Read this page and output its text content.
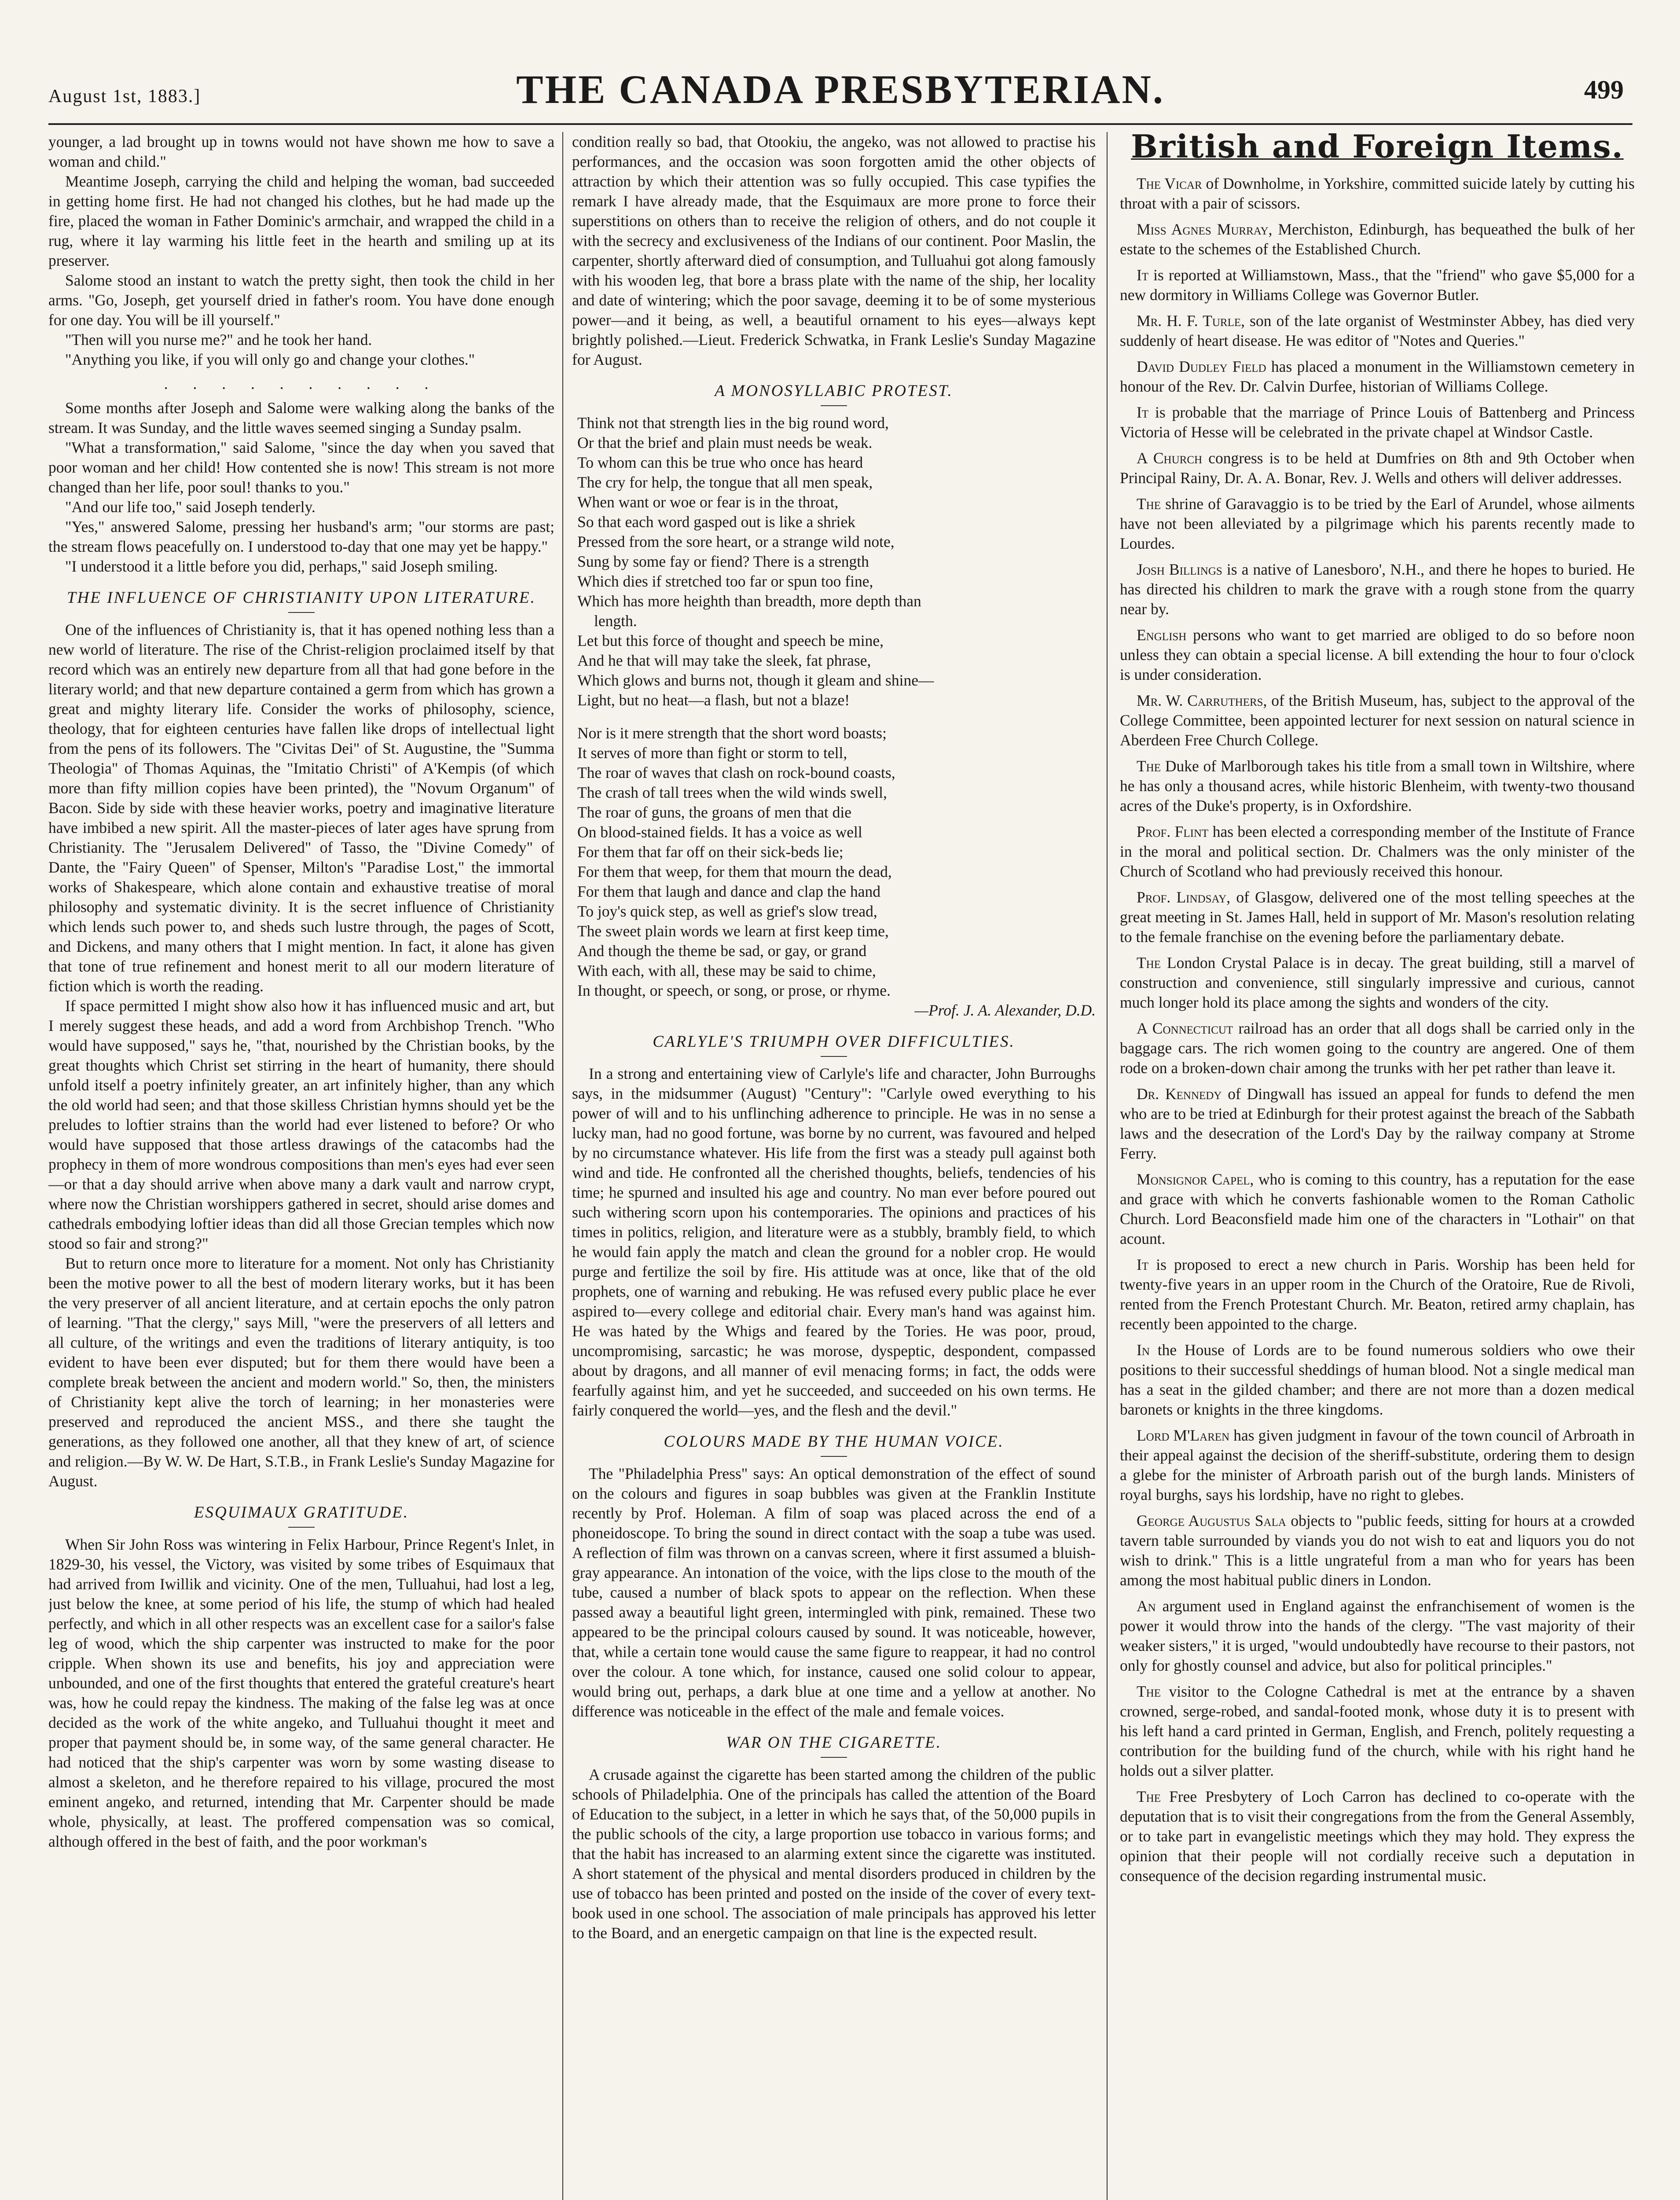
August 1st, 1883.]	THE CANADA PRESBYTERIAN.	499

younger, a lad brought up in towns would not have shown me how to save a woman and child."

Meantime Joseph, carrying the child and helping the woman, bad succeeded in getting home first. He had not changed his clothes, but he had made up the fire, placed the woman in Father Dominic's armchair, and wrapped the child in a rug, where it lay warming his little feet in the hearth and smiling up at its preserver.

Salome stood an instant to watch the pretty sight, then took the child in her arms. "Go, Joseph, get yourself dried in father's room. You have done enough for one day. You will be ill yourself."

"Then will you nurse me?" and he took her hand.

"Anything you like, if you will only go and change your clothes."

. . . . . . . . . .

Some months after Joseph and Salome were walking along the banks of the stream. It was Sunday, and the little waves seemed singing a Sunday psalm.

"What a transformation," said Salome, "since the day when you saved that poor woman and her child! How contented she is now! This stream is not more changed than her life, poor soul! thanks to you."

"And our life too," said Joseph tenderly.

"Yes," answered Salome, pressing her husband's arm; "our storms are past; the stream flows peacefully on. I understood to-day that one may yet be happy."

"I understood it a little before you did, perhaps," said Joseph smiling.

THE INFLUENCE OF CHRISTIANITY UPON LITERATURE.

One of the influences of Christianity is, that it has opened nothing less than a new world of literature. The rise of the Christ-religion proclaimed itself by that record which was an entirely new departure from all that had gone before in the literary world; and that new departure contained a germ from which has grown a great and mighty literary life. Consider the works of philosophy, science, theology, that for eighteen centuries have fallen like drops of intellectual light from the pens of its followers. The "Civitas Dei" of St. Augustine, the "Summa Theologia" of Thomas Aquinas, the "Imitatio Christi" of A'Kempis (of which more than fifty million copies have been printed), the "Novum Organum" of Bacon. Side by side with these heavier works, poetry and imaginative literature have imbibed a new spirit. All the master-pieces of later ages have sprung from Christianity. The "Jerusalem Delivered" of Tasso, the "Divine Comedy" of Dante, the "Fairy Queen" of Spenser, Milton's "Paradise Lost," the immortal works of Shakespeare, which alone contain and exhaustive treatise of moral philosophy and systematic divinity. It is the secret influence of Christianity which lends such power to, and sheds such lustre through, the pages of Scott, and Dickens, and many others that I might mention. In fact, it alone has given that tone of true refinement and honest merit to all our modern literature of fiction which is worth the reading.

If space permitted I might show also how it has influenced music and art, but I merely suggest these heads, and add a word from Archbishop Trench. "Who would have supposed," says he, "that, nourished by the Christian books, by the great thoughts which Christ set stirring in the heart of humanity, there should unfold itself a poetry infinitely greater, an art infinitely higher, than any which the old world had seen; and that those skilless Christian hymns should yet be the preludes to loftier strains than the world had ever listened to before? Or who would have supposed that those artless drawings of the catacombs had the prophecy in them of more wondrous compositions than men's eyes had ever seen—or that a day should arrive when above many a dark vault and narrow crypt, where now the Christian worshippers gathered in secret, should arise domes and cathedrals embodying loftier ideas than did all those Grecian temples which now stood so fair and strong?"

But to return once more to literature for a moment. Not only has Christianity been the motive power to all the best of modern literary works, but it has been the very preserver of all ancient literature, and at certain epochs the only patron of learning. "That the clergy," says Mill, "were the preservers of all letters and all culture, of the writings and even the traditions of literary antiquity, is too evident to have been ever disputed; but for them there would have been a complete break between the ancient and modern world." So, then, the ministers of Christianity kept alive the torch of learning; in her monasteries were preserved and reproduced the ancient MSS., and there she taught the generations, as they followed one another, all that they knew of art, of science and religion.—By W. W. De Hart, S.T.B., in Frank Leslie's Sunday Magazine for August.

ESQUIMAUX GRATITUDE.

When Sir John Ross was wintering in Felix Harbour, Prince Regent's Inlet, in 1829-30, his vessel, the Victory, was visited by some tribes of Esquimaux that had arrived from Iwillik and vicinity. One of the men, Tulluahui, had lost a leg, just below the knee, at some period of his life, the stump of which had healed perfectly, and which in all other respects was an excellent case for a sailor's false leg of wood, which the ship carpenter was instructed to make for the poor cripple. When shown its use and benefits, his joy and appreciation were unbounded, and one of the first thoughts that entered the grateful creature's heart was, how he could repay the kindness. The making of the false leg was at once decided as the work of the white angeko, and Tulluahui thought it meet and proper that payment should be, in some way, of the same general character. He had noticed that the ship's carpenter was worn by some wasting disease to almost a skeleton, and he therefore repaired to his village, procured the most eminent angeko, and returned, intending that Mr. Carpenter should be made whole, physically, at least. The proffered compensation was so comical, although offered in the best of faith, and the poor workman's

condition really so bad, that Otookiu, the angeko, was not allowed to practise his performances, and the occasion was soon forgotten amid the other objects of attraction by which their attention was so fully occupied. This case typifies the remark I have already made, that the Esquimaux are more prone to force their superstitions on others than to receive the religion of others, and do not couple it with the secrecy and exclusiveness of the Indians of our continent. Poor Maslin, the carpenter, shortly afterward died of consumption, and Tulluahui got along famously with his wooden leg, that bore a brass plate with the name of the ship, her locality and date of wintering; which the poor savage, deeming it to be of some mysterious power—and it being, as well, a beautiful ornament to his eyes—always kept brightly polished.—Lieut. Frederick Schwatka, in Frank Leslie's Sunday Magazine for August.

A MONOSYLLABIC PROTEST.

Think not that strength lies in the big round word,

Or that the brief and plain must needs be weak.

To whom can this be true who once has heard

The cry for help, the tongue that all men speak,

When want or woe or fear is in the throat,

So that each word gasped out is like a shriek

Pressed from the sore heart, or a strange wild note,

Sung by some fay or fiend? There is a strength

Which dies if stretched too far or spun too fine,

Which has more heighth than breadth, more depth than

length.

Let but this force of thought and speech be mine,

And he that will may take the sleek, fat phrase,

Which glows and burns not, though it gleam and shine—

Light, but no heat—a flash, but not a blaze!

Nor is it mere strength that the short word boasts;

It serves of more than fight or storm to tell,

The roar of waves that clash on rock-bound coasts,

The crash of tall trees when the wild winds swell,

The roar of guns, the groans of men that die

On blood-stained fields. It has a voice as well

For them that far off on their sick-beds lie;

For them that weep, for them that mourn the dead,

For them that laugh and dance and clap the hand

To joy's quick step, as well as grief's slow tread,

The sweet plain words we learn at first keep time,

And though the theme be sad, or gay, or grand

With each, with all, these may be said to chime,

In thought, or speech, or song, or prose, or rhyme.

—Prof. J. A. Alexander, D.D.

CARLYLE'S TRIUMPH OVER DIFFICULTIES.

In a strong and entertaining view of Carlyle's life and character, John Burroughs says, in the midsummer (August) "Century": "Carlyle owed everything to his power of will and to his unflinching adherence to principle. He was in no sense a lucky man, had no good fortune, was borne by no current, was favoured and helped by no circumstance whatever. His life from the first was a steady pull against both wind and tide. He confronted all the cherished thoughts, beliefs, tendencies of his time; he spurned and insulted his age and country. No man ever before poured out such withering scorn upon his contemporaries. The opinions and practices of his times in politics, religion, and literature were as a stubbly, brambly field, to which he would fain apply the match and clean the ground for a nobler crop. He would purge and fertilize the soil by fire. His attitude was at once, like that of the old prophets, one of warning and rebuking. He was refused every public place he ever aspired to—every college and editorial chair. Every man's hand was against him. He was hated by the Whigs and feared by the Tories. He was poor, proud, uncompromising, sarcastic; he was morose, dyspeptic, despondent, compassed about by dragons, and all manner of evil menacing forms; in fact, the odds were fearfully against him, and yet he succeeded, and succeeded on his own terms. He fairly conquered the world—yes, and the flesh and the devil."

COLOURS MADE BY THE HUMAN VOICE.

The "Philadelphia Press" says: An optical demonstration of the effect of sound on the colours and figures in soap bubbles was given at the Franklin Institute recently by Prof. Holeman. A film of soap was placed across the end of a phoneidoscope. To bring the sound in direct contact with the soap a tube was used. A reflection of film was thrown on a canvas screen, where it first assumed a bluish-gray appearance. An intonation of the voice, with the lips close to the mouth of the tube, caused a number of black spots to appear on the reflection. When these passed away a beautiful light green, intermingled with pink, remained. These two appeared to be the principal colours caused by sound. It was noticeable, however, that, while a certain tone would cause the same figure to reappear, it had no control over the colour. A tone which, for instance, caused one solid colour to appear, would bring out, perhaps, a dark blue at one time and a yellow at another. No difference was noticeable in the effect of the male and female voices.

WAR ON THE CIGARETTE.

A crusade against the cigarette has been started among the children of the public schools of Philadelphia. One of the principals has called the attention of the Board of Education to the subject, in a letter in which he says that, of the 50,000 pupils in the public schools of the city, a large proportion use tobacco in various forms; and that the habit has increased to an alarming extent since the cigarette was instituted. A short statement of the physical and mental disorders produced in children by the use of tobacco has been printed and posted on the inside of the cover of every text-book used in one school. The association of male principals has approved his letter to the Board, and an energetic campaign on that line is the expected result.

British and Foreign Items.

The Vicar of Downholme, in Yorkshire, committed suicide lately by cutting his throat with a pair of scissors.

Miss Agnes Murray, Merchiston, Edinburgh, has bequeathed the bulk of her estate to the schemes of the Established Church.

It is reported at Williamstown, Mass., that the "friend" who gave $5,000 for a new dormitory in Williams College was Governor Butler.

Mr. H. F. Turle, son of the late organist of Westminster Abbey, has died very suddenly of heart disease. He was editor of "Notes and Queries."

David Dudley Field has placed a monument in the Williamstown cemetery in honour of the Rev. Dr. Calvin Durfee, historian of Williams College.

It is probable that the marriage of Prince Louis of Battenberg and Princess Victoria of Hesse will be celebrated in the private chapel at Windsor Castle.

A Church congress is to be held at Dumfries on 8th and 9th October when Principal Rainy, Dr. A. A. Bonar, Rev. J. Wells and others will deliver addresses.

The shrine of Garavaggio is to be tried by the Earl of Arundel, whose ailments have not been alleviated by a pilgrimage which his parents recently made to Lourdes.

Josh Billings is a native of Lanesboro', N.H., and there he hopes to buried. He has directed his children to mark the grave with a rough stone from the quarry near by.

English persons who want to get married are obliged to do so before noon unless they can obtain a special license. A bill extending the hour to four o'clock is under consideration.

Mr. W. Carruthers, of the British Museum, has, subject to the approval of the College Committee, been appointed lecturer for next session on natural science in Aberdeen Free Church College.

The Duke of Marlborough takes his title from a small town in Wiltshire, where he has only a thousand acres, while historic Blenheim, with twenty-two thousand acres of the Duke's property, is in Oxfordshire.

Prof. Flint has been elected a corresponding member of the Institute of France in the moral and political section. Dr. Chalmers was the only minister of the Church of Scotland who had previously received this honour.

Prof. Lindsay, of Glasgow, delivered one of the most telling speeches at the great meeting in St. James Hall, held in support of Mr. Mason's resolution relating to the female franchise on the evening before the parliamentary debate.

The London Crystal Palace is in decay. The great building, still a marvel of construction and convenience, still singularly impressive and curious, cannot much longer hold its place among the sights and wonders of the city.

A Connecticut railroad has an order that all dogs shall be carried only in the baggage cars. The rich women going to the country are angered. One of them rode on a broken-down chair among the trunks with her pet rather than leave it.

Dr. Kennedy of Dingwall has issued an appeal for funds to defend the men who are to be tried at Edinburgh for their protest against the breach of the Sabbath laws and the desecration of the Lord's Day by the railway company at Strome Ferry.

Monsignor Capel, who is coming to this country, has a reputation for the ease and grace with which he converts fashionable women to the Roman Catholic Church. Lord Beaconsfield made him one of the characters in "Lothair" on that acount.

It is proposed to erect a new church in Paris. Worship has been held for twenty-five years in an upper room in the Church of the Oratoire, Rue de Rivoli, rented from the French Protestant Church. Mr. Beaton, retired army chaplain, has recently been appointed to the charge.

In the House of Lords are to be found numerous soldiers who owe their positions to their successful sheddings of human blood. Not a single medical man has a seat in the gilded chamber; and there are not more than a dozen medical baronets or knights in the three kingdoms.

Lord M'Laren has given judgment in favour of the town council of Arbroath in their appeal against the decision of the sheriff-substitute, ordering them to design a glebe for the minister of Arbroath parish out of the burgh lands. Ministers of royal burghs, says his lordship, have no right to glebes.

George Augustus Sala objects to "public feeds, sitting for hours at a crowded tavern table surrounded by viands you do not wish to eat and liquors you do not wish to drink." This is a little ungrateful from a man who for years has been among the most habitual public diners in London.

An argument used in England against the enfranchisement of women is the power it would throw into the hands of the clergy. "The vast majority of their weaker sisters," it is urged, "would undoubtedly have recourse to their pastors, not only for ghostly counsel and advice, but also for political principles."

The visitor to the Cologne Cathedral is met at the entrance by a shaven crowned, serge-robed, and sandal-footed monk, whose duty it is to present with his left hand a card printed in German, English, and French, politely requesting a contribution for the building fund of the church, while with his right hand he holds out a silver platter.

The Free Presbytery of Loch Carron has declined to co-operate with the deputation that is to visit their congregations from the from the General Assembly, or to take part in evangelistic meetings which they may hold. They express the opinion that their people will not cordially receive such a deputation in consequence of the decision regarding instrumental music.
